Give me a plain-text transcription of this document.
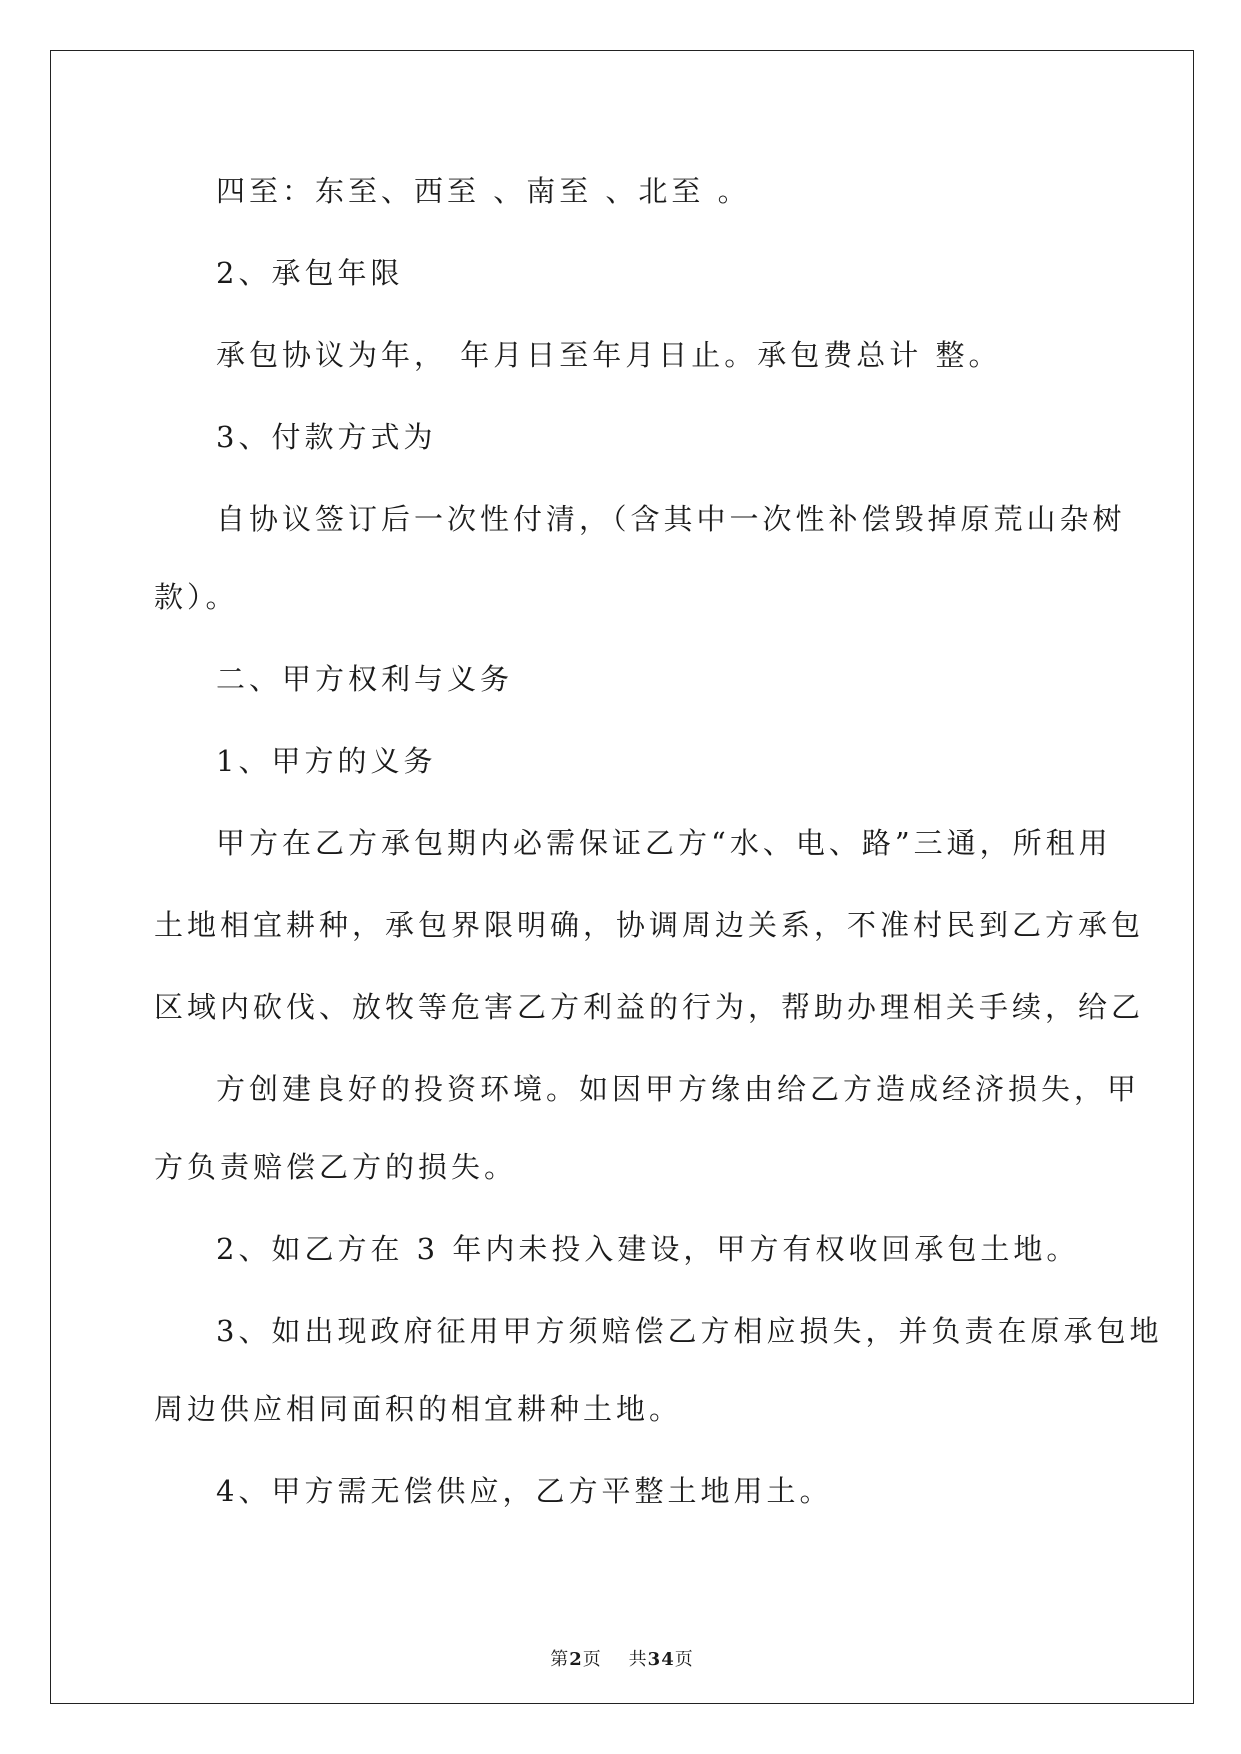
四至：东至、西至 、南至 、北至 。
2、承包年限
承包协议为年， 年月日至年月日止。承包费总计 整。
3、付款方式为
自协议签订后一次性付清，（含其中一次性补偿毁掉原荒山杂树
款）。
二、甲方权利与义务
1、甲方的义务
甲方在乙方承包期内必需保证乙方“水、电、路”三通，所租用
土地相宜耕种，承包界限明确，协调周边关系，不准村民到乙方承包
区域内砍伐、放牧等危害乙方利益的行为，帮助办理相关手续，给乙
方创建良好的投资环境。如因甲方缘由给乙方造成经济损失，甲
方负责赔偿乙方的损失。
2、如乙方在 3 年内未投入建设，甲方有权收回承包土地。
3、如出现政府征用甲方须赔偿乙方相应损失，并负责在原承包地
周边供应相同面积的相宜耕种土地。
4、甲方需无偿供应，乙方平整土地用土。
第2页 共34页
